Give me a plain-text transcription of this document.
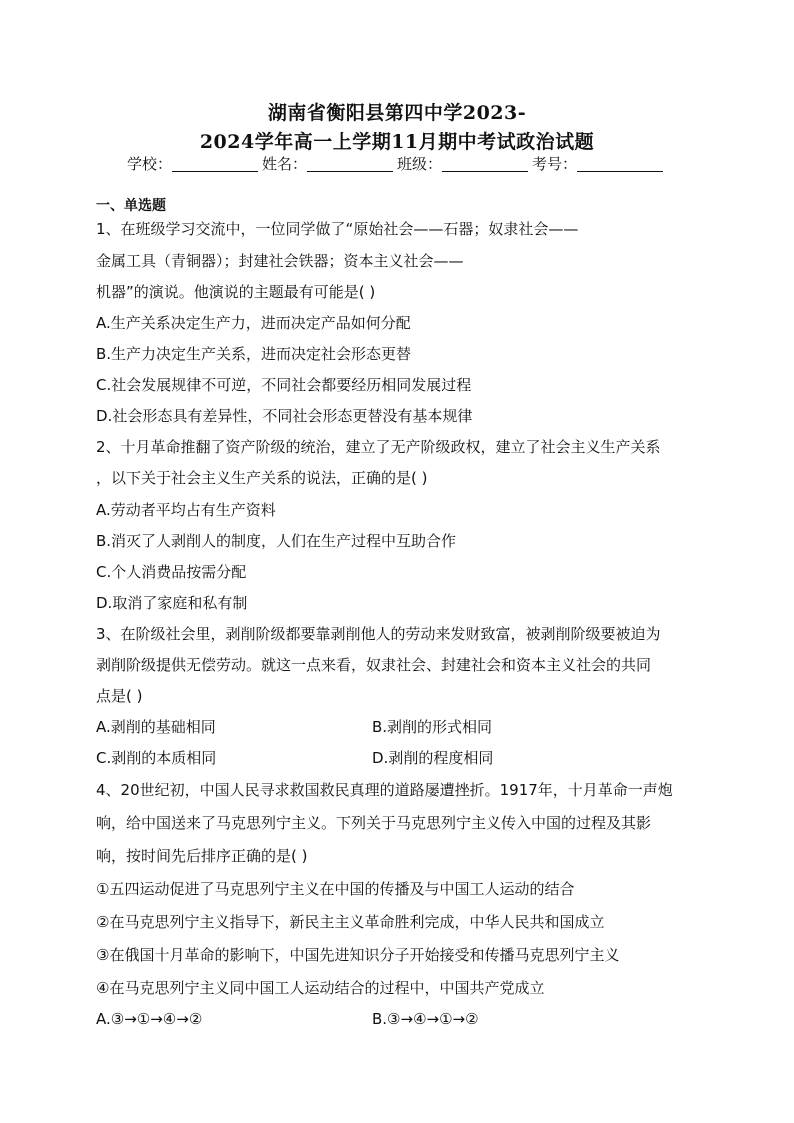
湖南省衡阳县第四中学2023-
2024学年高一上学期11月期中考试政治试题
学校：	姓名：	班级：	考号：
一、单选题
1、在班级学习交流中，一位同学做了“原始社会——石器；奴隶社会——
金属工具（青铜器）；封建社会铁器；资本主义社会——
机器”的演说。他演说的主题最有可能是( )
A.生产关系决定生产力，进而决定产品如何分配
B.生产力决定生产关系，进而决定社会形态更替
C.社会发展规律不可逆，不同社会都要经历相同发展过程
D.社会形态具有差异性，不同社会形态更替没有基本规律
2、十月革命推翻了资产阶级的统治，建立了无产阶级政权，建立了社会主义生产关系
，以下关于社会主义生产关系的说法，正确的是( )
A.劳动者平均占有生产资料
B.消灭了人剥削人的制度，人们在生产过程中互助合作
C.个人消费品按需分配
D.取消了家庭和私有制
3、在阶级社会里，剥削阶级都要靠剥削他人的劳动来发财致富，被剥削阶级要被迫为
剥削阶级提供无偿劳动。就这一点来看，奴隶社会、封建社会和资本主义社会的共同
点是( )
A.剥削的基础相同	B.剥削的形式相同
C.剥削的本质相同	D.剥削的程度相同
4、20世纪初，中国人民寻求救国救民真理的道路屡遭挫折。1917年，十月革命一声炮
响，给中国送来了马克思列宁主义。下列关于马克思列宁主义传入中国的过程及其影
响，按时间先后排序正确的是( )
①五四运动促进了马克思列宁主义在中国的传播及与中国工人运动的结合
②在马克思列宁主义指导下，新民主主义革命胜利完成，中华人民共和国成立
③在俄国十月革命的影响下，中国先进知识分子开始接受和传播马克思列宁主义
④在马克思列宁主义同中国工人运动结合的过程中，中国共产党成立
A.③→①→④→②	B.③→④→①→②
